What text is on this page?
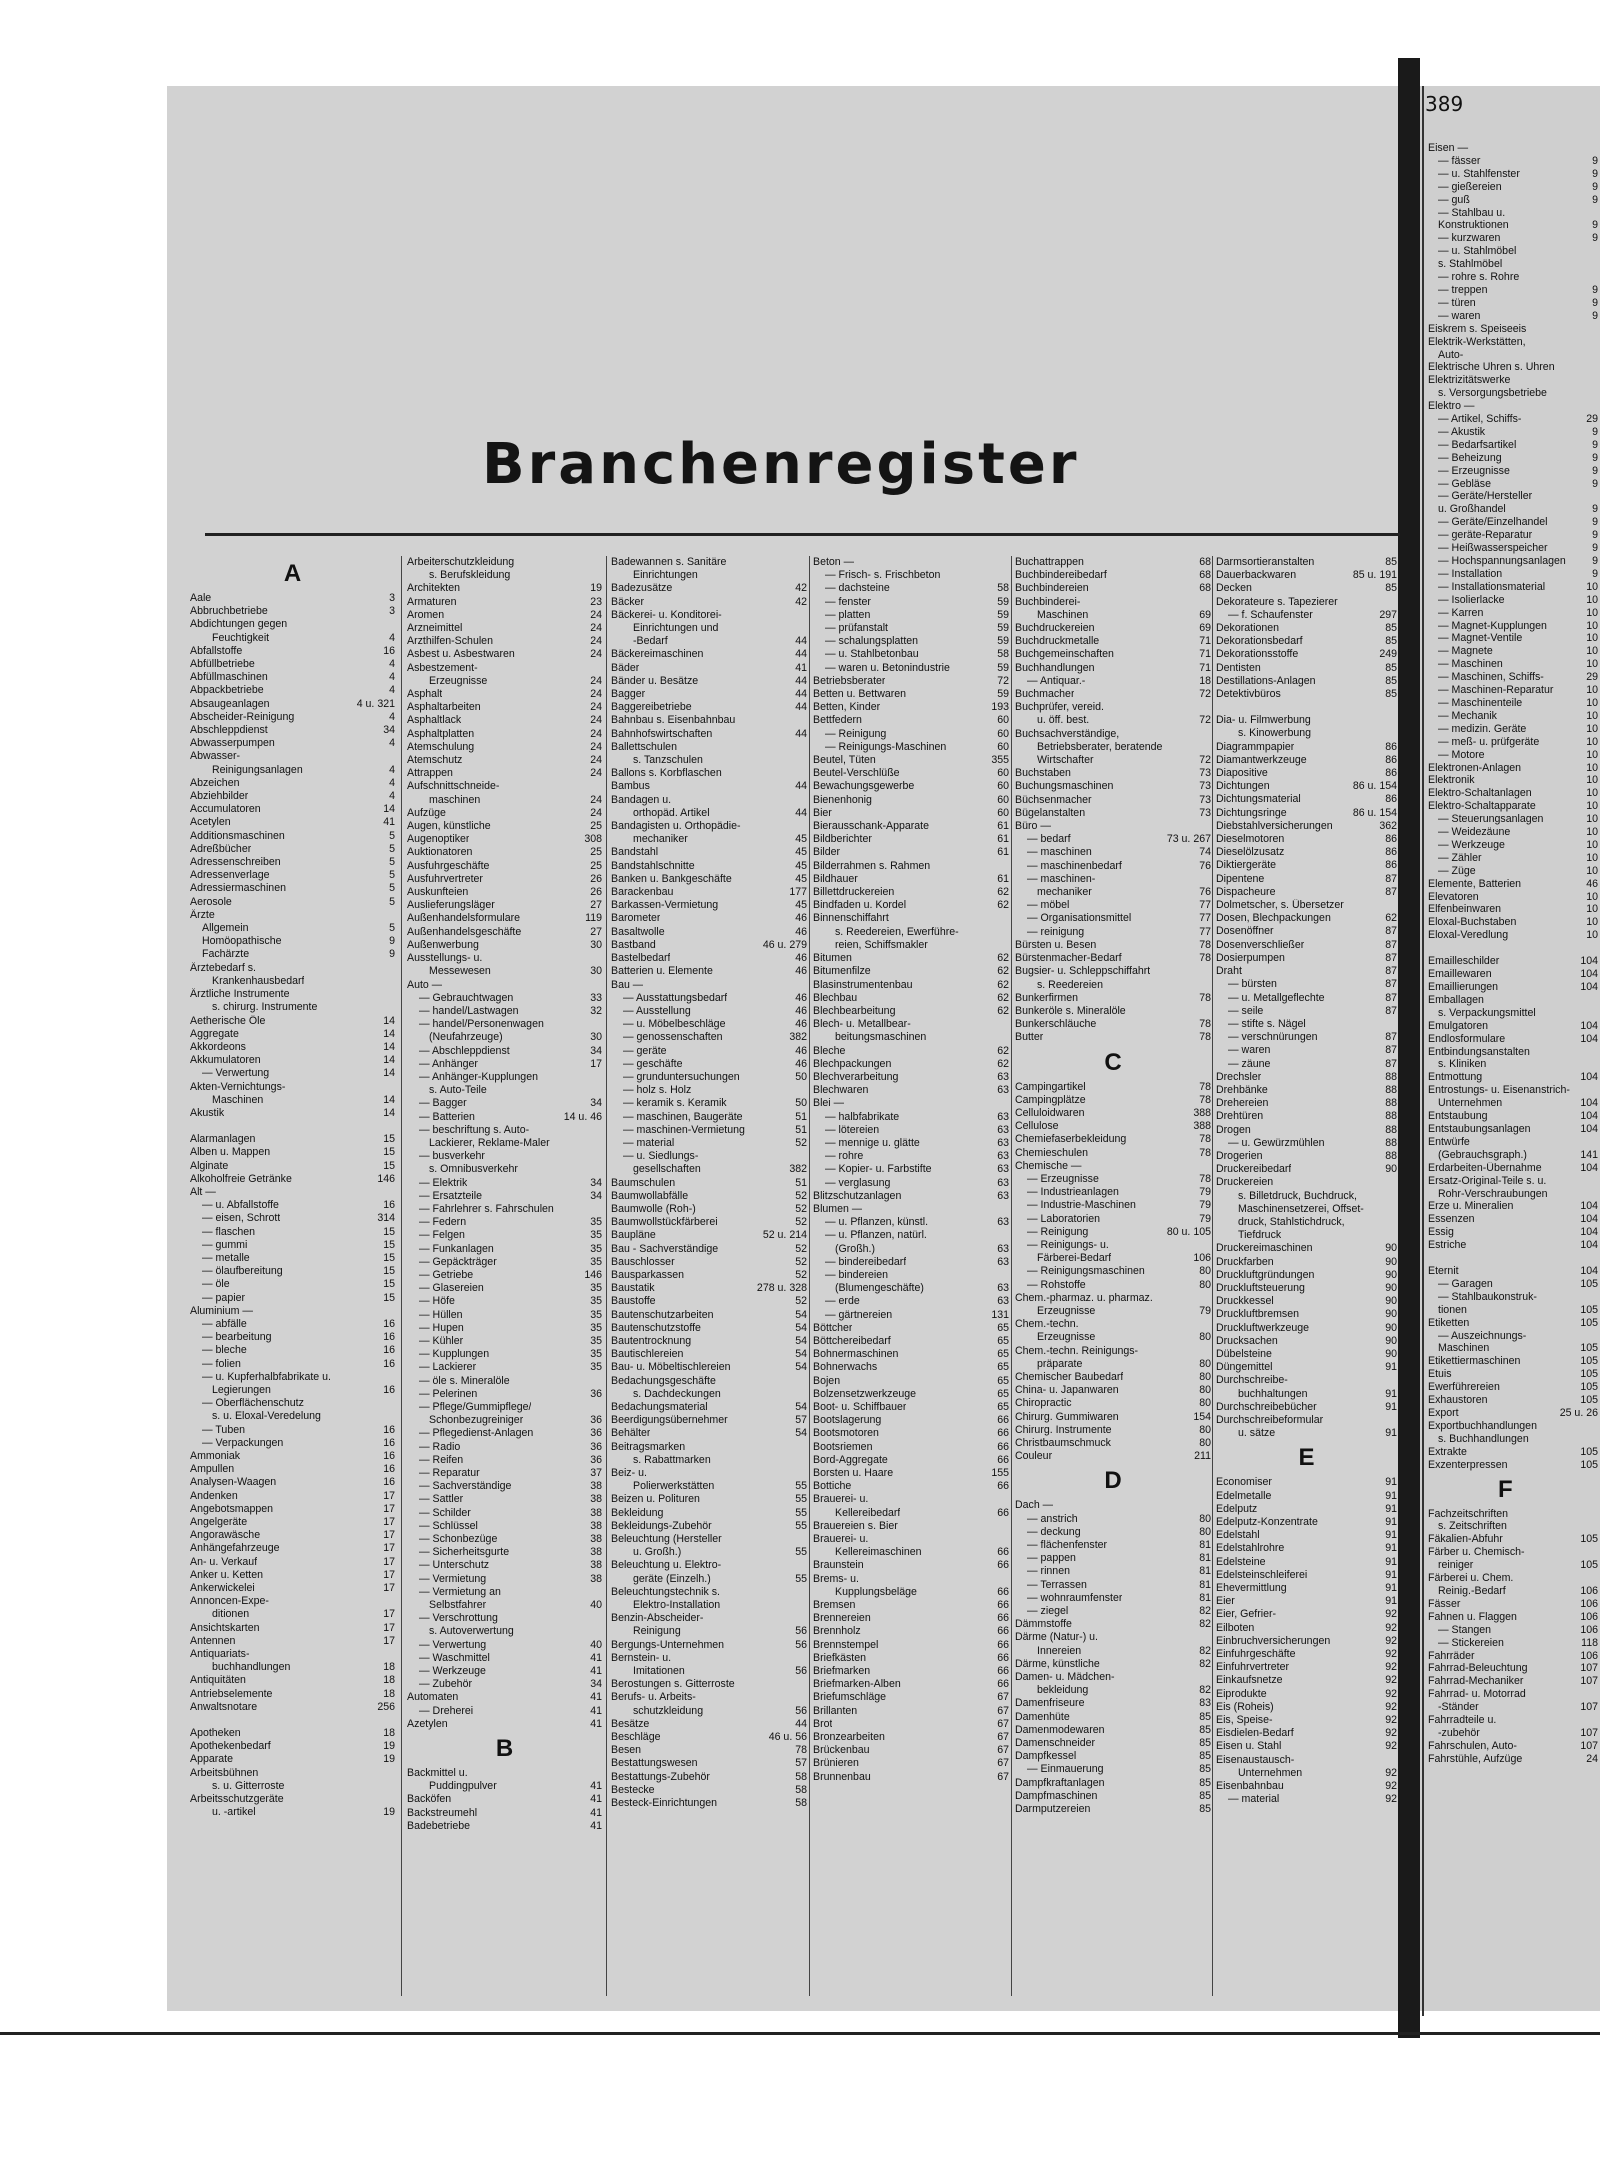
Branchenregister
389
A
Aale	3
Abbruchbetriebe	3
Abdichtungen gegen
Feuchtigkeit	4
Abfallstoffe	16
Abfüllbetriebe	4
Abfüllmaschinen	4
Abpackbetriebe	4
Absaugeanlagen	4 u. 321
Abscheider-Reinigung	4
Abschleppdienst	34
Abwasserpumpen	4
Abwasser-
Reinigungsanlagen	4
Abzeichen	4
Abziehbilder	4
Accumulatoren	14
Acetylen	41
Additionsmaschinen	5
Adreßbücher	5
Adressenschreiben	5
Adressenverlage	5
Adressiermaschinen	5
Aerosole	5
Ärzte
Allgemein	5
Homöopathische	9
Fachärzte	9
Ärztebedarf s.
Krankenhausbedarf
Ärztliche Instrumente
s. chirurg. Instrumente
Aetherische Öle	14
Aggregate	14
Akkordeons	14
Akkumulatoren	14
— Verwertung	14
Akten-Vernichtungs-
Maschinen	14
Akustik	14
Alarmanlagen	15
Alben u. Mappen	15
Alginate	15
Alkoholfreie Getränke	146
Alt —
— u. Abfallstoffe	16
— eisen, Schrott	314
— flaschen	15
— gummi	15
— metalle	15
— ölaufbereitung	15
— öle	15
— papier	15
Aluminium —
— abfälle	16
— bearbeitung	16
— bleche	16
— folien	16
— u. Kupferhalbfabrikate u.
Legierungen	16
— Oberflächenschutz
s. u. Eloxal-Veredelung
— Tuben	16
— Verpackungen	16
Ammoniak	16
Ampullen	16
Analysen-Waagen	16
Andenken	17
Angebotsmappen	17
Angelgeräte	17
Angorawäsche	17
Anhängefahrzeuge	17
An- u. Verkauf	17
Anker u. Ketten	17
Ankerwickelei	17
Annoncen-Expe-
ditionen	17
Ansichtskarten	17
Antennen	17
Antiquariats-
buchhandlungen	18
Antiquitäten	18
Antriebselemente	18
Anwaltsnotare	256
Apotheken	18
Apothekenbedarf	19
Apparate	19
Arbeitsbühnen
s. u. Gitterroste
Arbeitsschutzgeräte
u. -artikel	19
Arbeiterschutzkleidung
s. Berufskleidung
Architekten	19
Armaturen	23
Aromen	24
Arzneimittel	24
Arzthilfen-Schulen	24
Asbest u. Asbestwaren	24
Asbestzement-
Erzeugnisse	24
Asphalt	24
Asphaltarbeiten	24
Asphaltlack	24
Asphaltplatten	24
Atemschulung	24
Atemschutz	24
Attrappen	24
Aufschnittschneide-
maschinen	24
Aufzüge	24
Augen, künstliche	25
Augenoptiker	308
Auktionatoren	25
Ausfuhrgeschäfte	25
Ausfuhrvertreter	26
Auskunfteien	26
Auslieferungsläger	27
Außenhandelsformulare	119
Außenhandelsgeschäfte	27
Außenwerbung	30
Ausstellungs- u.
Messewesen	30
Auto —
— Gebrauchtwagen	33
— handel/Lastwagen	32
— handel/Personenwagen
(Neufahrzeuge)	30
— Abschleppdienst	34
— Anhänger	17
— Anhänger-Kupplungen
s. Auto-Teile
— Bagger	34
— Batterien	14 u. 46
— beschriftung s. Auto-
Lackierer, Reklame-Maler
— busverkehr
s. Omnibusverkehr
— Elektrik	34
— Ersatzteile	34
— Fahrlehrer s. Fahrschulen
— Federn	35
— Felgen	35
— Funkanlagen	35
— Gepäckträger	35
— Getriebe	146
— Glasereien	35
— Höfe	35
— Hüllen	35
— Hupen	35
— Kühler	35
— Kupplungen	35
— Lackierer	35
— öle s. Mineralöle
— Pelerinen	36
— Pflege/Gummipflege/
Schonbezugreiniger	36
— Pflegedienst-Anlagen	36
— Radio	36
— Reifen	36
— Reparatur	37
— Sachverständige	38
— Sattler	38
— Schilder	38
— Schlüssel	38
— Schonbezüge	38
— Sicherheitsgurte	38
— Unterschutz	38
— Vermietung	38
— Vermietung an
Selbstfahrer	40
— Verschrottung
s. Autoverwertung
— Verwertung	40
— Waschmittel	41
— Werkzeuge	41
— Zubehör	34
Automaten	41
— Dreherei	41
Azetylen	41
B
Backmittel u.
Puddingpulver	41
Backöfen	41
Backstreumehl	41
Badebetriebe	41
Badewannen s. Sanitäre
Einrichtungen
Badezusätze	42
Bäcker	42
Bäckerei- u. Konditorei-
Einrichtungen und
-Bedarf	44
Bäckereimaschinen	44
Bäder	41
Bänder u. Besätze	44
Bagger	44
Baggereibetriebe	44
Bahnbau s. Eisenbahnbau
Bahnhofswirtschaften	44
Ballettschulen
s. Tanzschulen
Ballons s. Korbflaschen
Bambus	44
Bandagen u.
orthopäd. Artikel	44
Bandagisten u. Orthopädie-
mechaniker	45
Bandstahl	45
Bandstahlschnitte	45
Banken u. Bankgeschäfte	45
Barackenbau	177
Barkassen-Vermietung	45
Barometer	46
Basaltwolle	46
Bastband	46 u. 279
Bastelbedarf	46
Batterien u. Elemente	46
Bau —
— Ausstattungsbedarf	46
— Ausstellung	46
— u. Möbelbeschläge	46
— genossenschaften	382
— geräte	46
— geschäfte	46
— grunduntersuchungen	50
— holz s. Holz
— keramik s. Keramik	50
— maschinen, Baugeräte	51
— maschinen-Vermietung	51
— material	52
— u. Siedlungs-
gesellschaften	382
Baumschulen	51
Baumwollabfälle	52
Baumwolle (Roh-)	52
Baumwollstückfärberei	52
Baupläne	52 u. 214
Bau - Sachverständige	52
Bauschlosser	52
Bausparkassen	52
Baustatik	278 u. 328
Baustoffe	52
Bautenschutzarbeiten	54
Bautenschutzstoffe	54
Bautentrocknung	54
Bautischlereien	54
Bau- u. Möbeltischlereien	54
Bedachungsgeschäfte
s. Dachdeckungen
Bedachungsmaterial	54
Beerdigungsübernehmer	57
Behälter	54
Beitragsmarken
s. Rabattmarken
Beiz- u.
Polierwerkstätten	55
Beizen u. Polituren	55
Bekleidung	55
Bekleidungs-Zubehör	55
Beleuchtung (Hersteller
u. Großh.)	55
Beleuchtung u. Elektro-
geräte (Einzelh.)	55
Beleuchtungstechnik s.
Elektro-Installation
Benzin-Abscheider-
Reinigung	56
Bergungs-Unternehmen	56
Bernstein- u.
Imitationen	56
Berostungen s. Gitterroste
Berufs- u. Arbeits-
schutzkleidung	56
Besätze	44
Beschläge	46 u. 56
Besen	78
Bestattungswesen	57
Bestattungs-Zubehör	58
Bestecke	58
Besteck-Einrichtungen	58
Beton —
— Frisch- s. Frischbeton
— dachsteine	58
— fenster	59
— platten	59
— prüfanstalt	59
— schalungsplatten	59
— u. Stahlbetonbau	58
— waren u. Betonindustrie	59
Betriebsberater	72
Betten u. Bettwaren	59
Betten, Kinder	193
Bettfedern	60
— Reinigung	60
— Reinigungs-Maschinen	60
Beutel, Tüten	355
Beutel-Verschlüße	60
Bewachungsgewerbe	60
Bienenhonig	60
Bier	60
Bierausschank-Apparate	61
Bildberichter	61
Bilder	61
Bilderrahmen s. Rahmen
Bildhauer	61
Billettdruckereien	62
Bindfaden u. Kordel	62
Binnenschiffahrt
s. Reedereien, Ewerführe-
reien, Schiffsmakler
Bitumen	62
Bitumenfilze	62
Blasinstrumentenbau	62
Blechbau	62
Blechbearbeitung	62
Blech- u. Metallbear-
beitungsmaschinen
Bleche	62
Blechpackungen	62
Blechverarbeitung	63
Blechwaren	63
Blei —
— halbfabrikate	63
— lötereien	63
— mennige u. glätte	63
— rohre	63
— Kopier- u. Farbstifte	63
— verglasung	63
Blitzschutzanlagen	63
Blumen —
— u. Pflanzen, künstl.	63
— u. Pflanzen, natürl.
(Großh.)	63
— bindereibedarf	63
— bindereien
(Blumengeschäfte)	63
— erde	63
— gärtnereien	131
Böttcher	65
Böttchereibedarf	65
Bohnermaschinen	65
Bohnerwachs	65
Bojen	65
Bolzensetzwerkzeuge	65
Boot- u. Schiffbauer	65
Bootslagerung	66
Bootsmotoren	66
Bootsriemen	66
Bord-Aggregate	66
Borsten u. Haare	155
Bottiche	66
Brauerei- u.
Kellereibedarf	66
Brauereien s. Bier
Brauerei- u.
Kellereimaschinen	66
Braunstein	66
Brems- u.
Kupplungsbeläge	66
Bremsen	66
Brennereien	66
Brennholz	66
Brennstempel	66
Briefkästen	66
Briefmarken	66
Briefmarken-Alben	66
Briefumschläge	67
Brillanten	67
Brot	67
Bronzearbeiten	67
Brückenbau	67
Brünieren	67
Brunnenbau	67
Buchattrappen	68
Buchbindereibedarf	68
Buchbindereien	68
Buchbinderei-
Maschinen	69
Buchdruckereien	69
Buchdruckmetalle	71
Buchgemeinschaften	71
Buchhandlungen	71
— Antiquar.-	18
Buchmacher	72
Buchprüfer, vereid.
u. öff. best.	72
Buchsachverständige,
Betriebsberater, beratende
Wirtschafter	72
Buchstaben	73
Buchungsmaschinen	73
Büchsenmacher	73
Bügelanstalten	73
Büro —
— bedarf	73 u. 267
— maschinen	74
— maschinenbedarf	76
— maschinen-
mechaniker	76
— möbel	77
— Organisationsmittel	77
— reinigung	77
Bürsten u. Besen	78
Bürstenmacher-Bedarf	78
Bugsier- u. Schleppschiffahrt
s. Reedereien
Bunkerfirmen	78
Bunkeröle s. Mineralöle
Bunkerschläuche	78
Butter	78
C
Campingartikel	78
Campingplätze	78
Celluloidwaren	388
Cellulose	388
Chemiefaserbekleidung	78
Chemieschulen	78
Chemische —
— Erzeugnisse	78
— Industrieanlagen	79
— Industrie-Maschinen	79
— Laboratorien	79
— Reinigung	80 u. 105
— Reinigungs- u.
Färberei-Bedarf	106
— Reinigungsmaschinen	80
— Rohstoffe	80
Chem.-pharmaz. u. pharmaz.
Erzeugnisse	79
Chem.-techn.
Erzeugnisse	80
Chem.-techn. Reinigungs-
präparate	80
Chemischer Baubedarf	80
China- u. Japanwaren	80
Chiropractic	80
Chirurg. Gummiwaren	154
Chirurg. Instrumente	80
Christbaumschmuck	80
Couleur	211
D
Dach —
— anstrich	80
— deckung	80
— flächenfenster	81
— pappen	81
— rinnen	81
— Terrassen	81
— wohnraumfenster	81
— ziegel	82
Dämmstoffe	82
Därme (Natur-) u.
Innereien	82
Därme, künstliche	82
Damen- u. Mädchen-
bekleidung	82
Damenfriseure	83
Damenhüte	85
Damenmodewaren	85
Damenschneider	85
Dampfkessel	85
— Einmauerung	85
Dampfkraftanlagen	85
Dampfmaschinen	85
Darmputzereien	85
Darmsortieranstalten	85
Dauerbackwaren	85 u. 191
Decken	85
Dekorateure s. Tapezierer
— f. Schaufenster	297
Dekorationen	85
Dekorationsbedarf	85
Dekorationsstoffe	249
Dentisten	85
Destillations-Anlagen	85
Detektivbüros	85
Dia- u. Filmwerbung
s. Kinowerbung
Diagrammpapier	86
Diamantwerkzeuge	86
Diapositive	86
Dichtungen	86 u. 154
Dichtungsmaterial	86
Dichtungsringe	86 u. 154
Diebstahlversicherungen	362
Dieselmotoren	86
Dieselölzusatz	86
Diktiergeräte	86
Dipentene	87
Dispacheure	87
Dolmetscher, s. Übersetzer
Dosen, Blechpackungen	62
Dosenöffner	87
Dosenverschließer	87
Dosierpumpen	87
Draht	87
— bürsten	87
— u. Metallgeflechte	87
— seile	87
— stifte s. Nägel
— verschnürungen	87
— waren	87
— zäune	87
Drechsler	88
Drehbänke	88
Drehereien	88
Drehtüren	88
Drogen	88
— u. Gewürzmühlen	88
Drogerien	88
Druckereibedarf	90
Druckereien
s. Billetdruck, Buchdruck,
Maschinensetzerei, Offset-
druck, Stahlstichdruck,
Tiefdruck
Druckereimaschinen	90
Druckfarben	90
Druckluftgründungen	90
Druckluftsteuerung	90
Druckkessel	90
Druckluftbremsen	90
Druckluftwerkzeuge	90
Drucksachen	90
Dübelsteine	90
Düngemittel	91
Durchschreibe-
buchhaltungen	91
Durchschreibebücher	91
Durchschreibeformular
u. sätze	91
E
Economiser	91
Edelmetalle	91
Edelputz	91
Edelputz-Konzentrate	91
Edelstahl	91
Edelstahlrohre	91
Edelsteine	91
Edelsteinschleiferei	91
Ehevermittlung	91
Eier	91
Eier, Gefrier-	92
Eilboten	92
Einbruchversicherungen	92
Einfuhrgeschäfte	92
Einfuhrvertreter	92
Einkaufsnetze	92
Eiprodukte	92
Eis (Roheis)	92
Eis, Speise-	92
Eisdielen-Bedarf	92
Eisen u. Stahl	92
Eisenaustausch-
Unternehmen	92
Eisenbahnbau	92
— material	92
Eisen —
— fässer	9
— u. Stahlfenster	9
— gießereien	9
— guß	9
— Stahlbau u.
Konstruktionen	9
— kurzwaren	9
— u. Stahlmöbel
s. Stahlmöbel
— rohre s. Rohre
— treppen	9
— türen	9
— waren	9
Eiskrem s. Speiseeis
Elektrik-Werkstätten,
Auto-
Elektrische Uhren s. Uhren
Elektrizitätswerke
s. Versorgungsbetriebe
Elektro —
— Artikel, Schiffs-	29
— Akustik	9
— Bedarfsartikel	9
— Beheizung	9
— Erzeugnisse	9
— Gebläse	9
— Geräte/Hersteller
u. Großhandel	9
— Geräte/Einzelhandel	9
— geräte-Reparatur	9
— Heißwasserspeicher	9
— Hochspannungsanlagen 9
— Installation	9
— Installationsmaterial	10
— Isolierlacke	10
— Karren	10
— Magnet-Kupplungen	10
— Magnet-Ventile	10
— Magnete	10
— Maschinen	10
— Maschinen, Schiffs-	29
— Maschinen-Reparatur	10
— Maschinenteile	10
— Mechanik	10
— medizin. Geräte	10
— meß- u. prüfgeräte	10
— Motore	10
Elektronen-Anlagen	10
Elektronik	10
Elektro-Schaltanlagen	10
Elektro-Schaltapparate	10
— Steuerungsanlagen	10
— Weidezäune	10
— Werkzeuge	10
— Zähler	10
— Züge	10
Elemente, Batterien	46
Elevatoren	10
Elfenbeinwaren	10
Eloxal-Buchstaben	10
Eloxal-Veredlung	10
Emailleschilder	104
Emaillewaren	104
Emaillierungen	104
Emballagen
s. Verpackungsmittel
Emulgatoren	104
Endlosformulare	104
Entbindungsanstalten
s. Kliniken
Entmottung	104
Entrostungs- u. Eisenanstrich-
Unternehmen	104
Entstaubung	104
Entstaubungsanlagen	104
Entwürfe
(Gebrauchsgraph.)	141
Erdarbeiten-Übernahme	104
Ersatz-Original-Teile s. u.
Rohr-Verschraubungen
Erze u. Mineralien	104
Essenzen	104
Essig	104
Estriche	104
Eternit	104
— Garagen	105
— Stahlbaukonstruk-
tionen	105
Etiketten	105
— Auszeichnungs-
Maschinen	105
Etikettiermaschinen	105
Etuis	105
Ewerführereien	105
Exhaustoren	105
Export	25 u. 26
Exportbuchhandlungen
s. Buchhandlungen
Extrakte	105
Exzenterpressen	105
F
Fachzeitschriften
s. Zeitschriften
Fäkalien-Abfuhr	105
Färber u. Chemisch-
reiniger	105
Färberei u. Chem.
Reinig.-Bedarf	106
Fässer	106
Fahnen u. Flaggen	106
— Stangen	106
— Stickereien	118
Fahrräder	106
Fahrrad-Beleuchtung	107
Fahrrad-Mechaniker	107
Fahrrad- u. Motorrad
-Ständer	107
Fahrradteile u.
-zubehör	107
Fahrschulen, Auto-	107
Fahrstühle, Aufzüge	24
